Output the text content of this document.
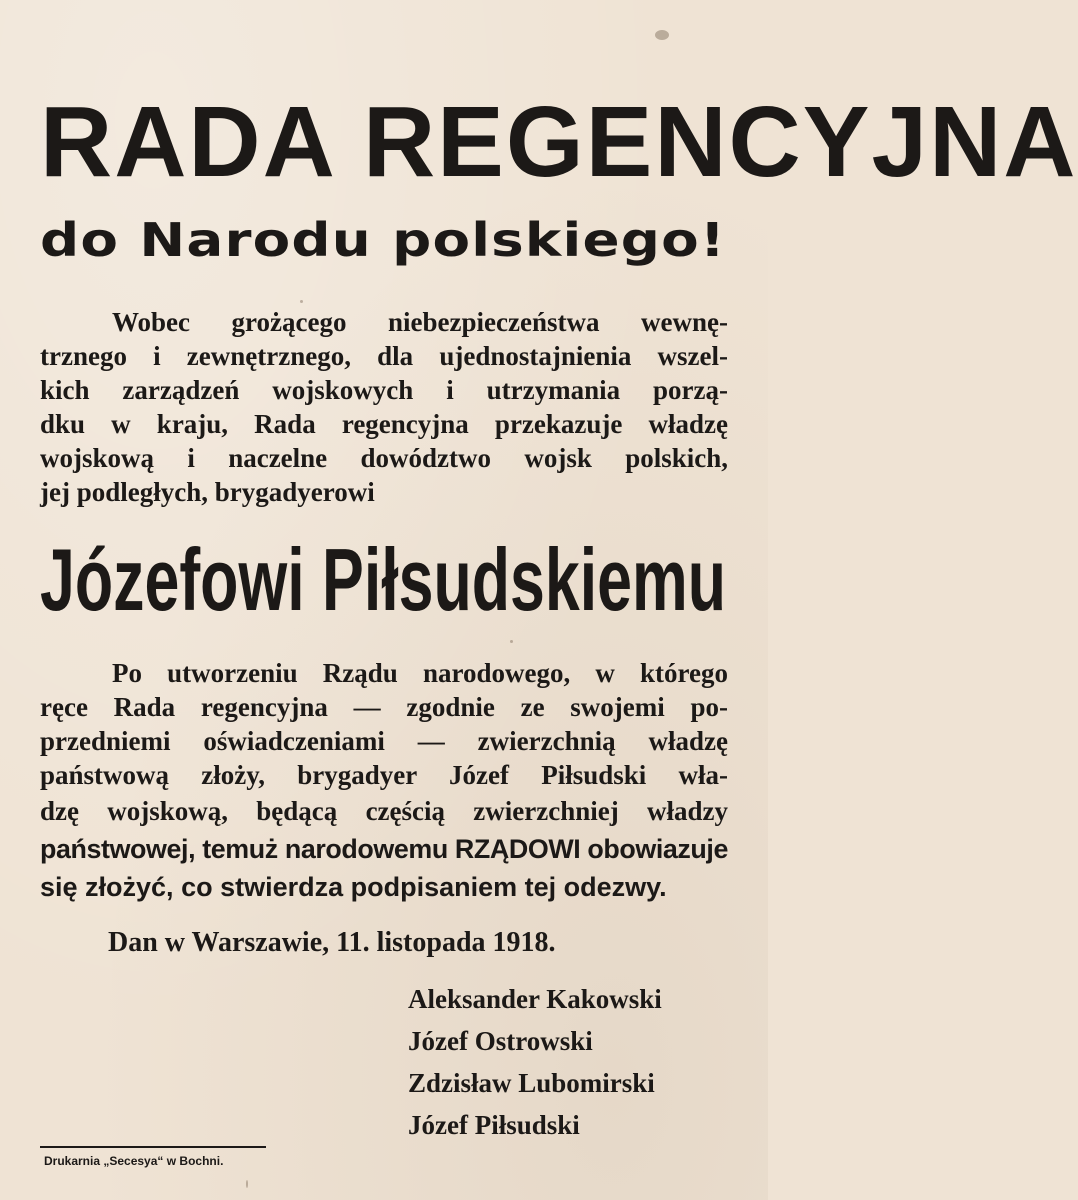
RADA REGENCYJNA
do Narodu polskiego!
Wobec grożącego niebezpieczeństwa wewnę-
trznego i zewnętrznego, dla ujednostajnienia wszel-
kich zarządzeń wojskowych i utrzymania porzą-
dku w kraju, Rada regencyjna przekazuje władzę
wojskową i naczelne dowództwo wojsk polskich,
jej podległych, brygadyerowi
Józefowi Piłsudskiemu
Po utworzeniu Rządu narodowego, w którego
ręce Rada regencyjna — zgodnie ze swojemi po-
przedniemi oświadczeniami — zwierzchnią władzę
państwową złoży, brygadyer Józef Piłsudski wła-
dzę wojskową, będącą częścią zwierzchniej władzy
państwowej, temuż narodowemu RZĄDOWI obowiazuje
się złożyć, co stwierdza podpisaniem tej odezwy.
Dan w Warszawie, 11. listopada 1918.
Aleksander Kakowski
Józef Ostrowski
Zdzisław Lubomirski
Józef Piłsudski
Drukarnia „Secesya“ w Bochni.
